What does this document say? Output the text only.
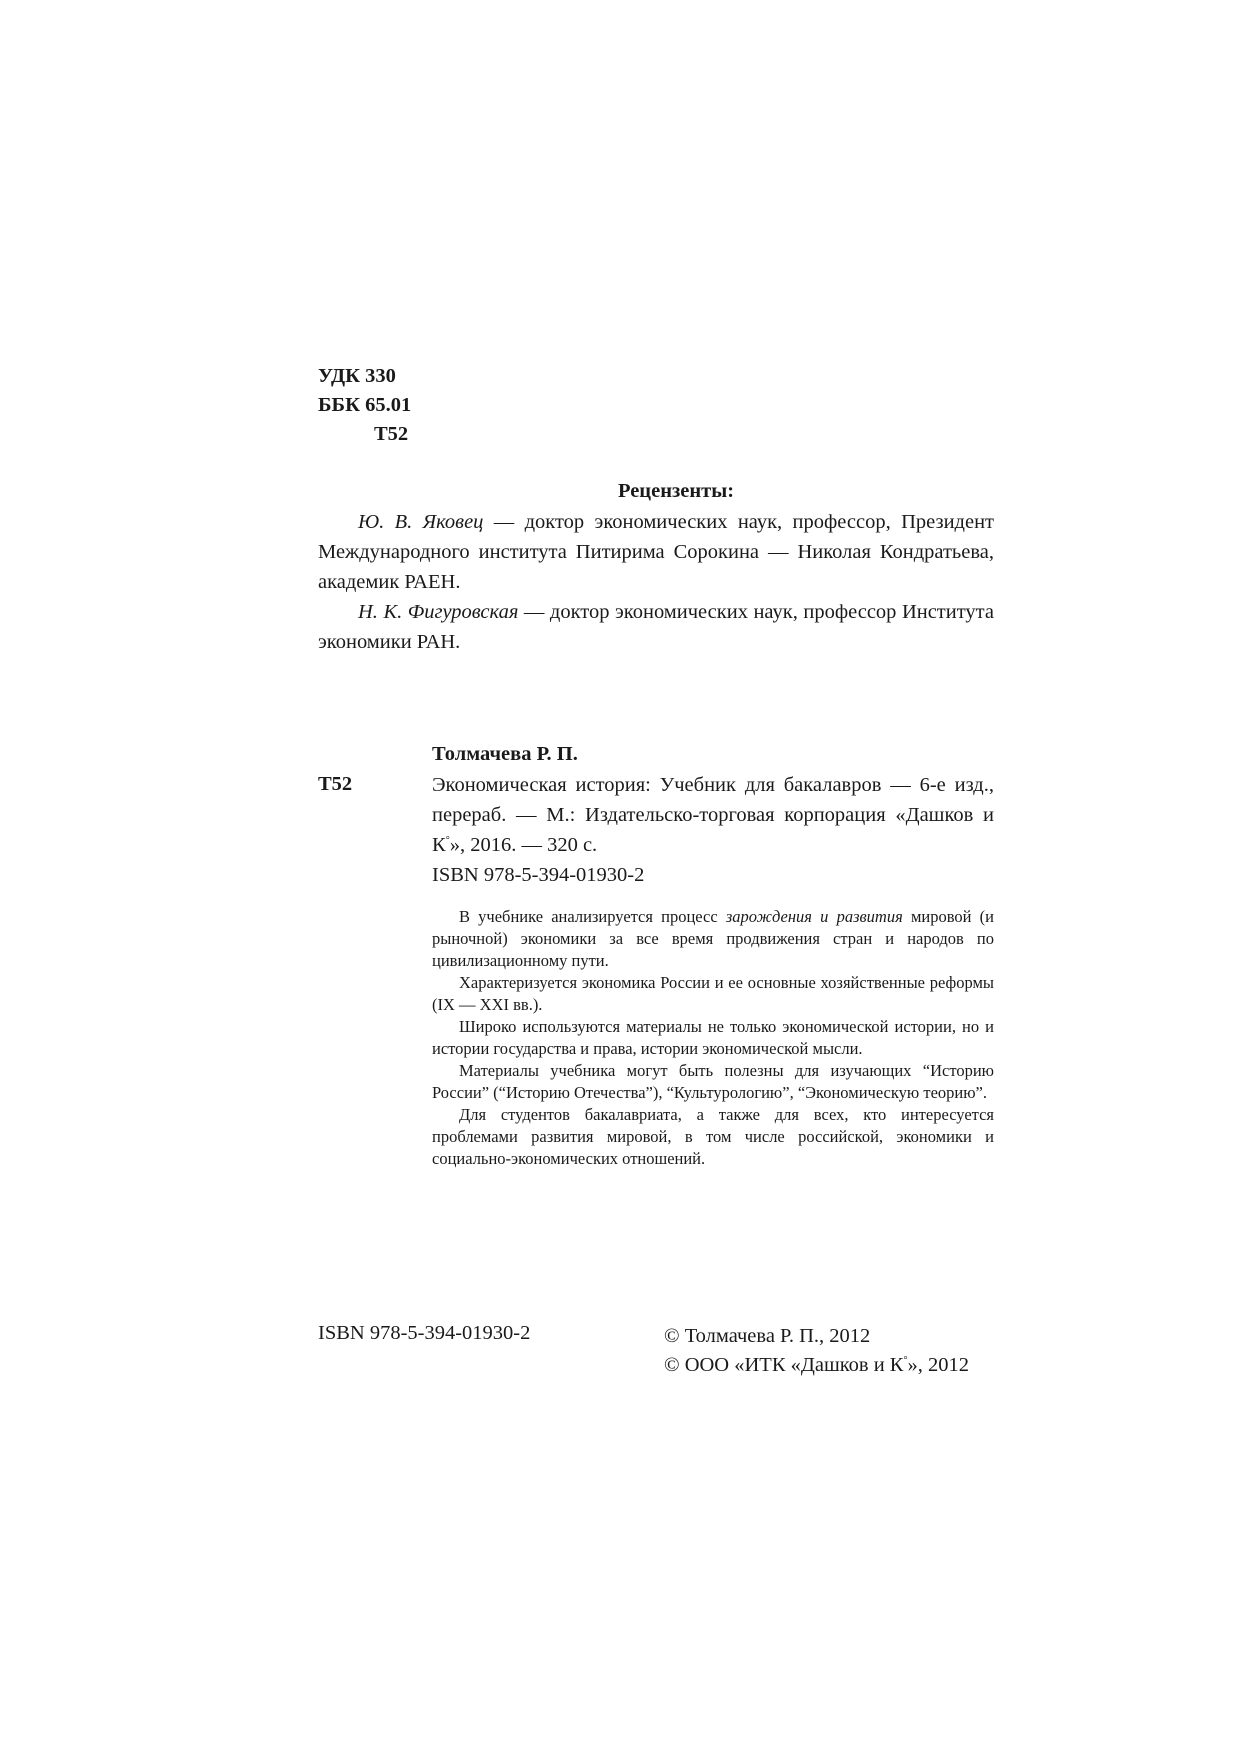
УДК 330
ББК 65.01
Т52
Рецензенты:

Ю. В. Яковец — доктор экономических наук, профессор, Президент Международного института Питирима Сорокина — Николая Кондратьева, академик РАЕН.

Н. К. Фигуровская — доктор экономических наук, профессор Института экономики РАН.

Толмачева Р. П.
Т52	Экономическая история: Учебник для бакалавров — 6-е изд., перераб. — М.: Издательско-торговая корпорация «Дашков и К°», 2016. — 320 с.

ISBN 978-5-394-01930-2

В учебнике анализируется процесс зарождения и развития мировой (и рыночной) экономики за все время продвижения стран и народов по цивилизационному пути.

Характеризуется экономика России и ее основные хозяйственные реформы (IX — XXI вв.).

Широко используются материалы не только экономической истории, но и истории государства и права, истории экономической мысли.

Материалы учебника могут быть полезны для изучающих “Историю России” (“Историю Отечества”), “Культурологию”, “Экономическую теорию”.

Для студентов бакалавриата, а также для всех, кто интересуется проблемами развития мировой, в том числе российской, экономики и социально-экономических отношений.

ISBN 978-5-394-01930-2	© Толмачева Р. П., 2012
© ООО «ИТК «Дашков и К°», 2012
